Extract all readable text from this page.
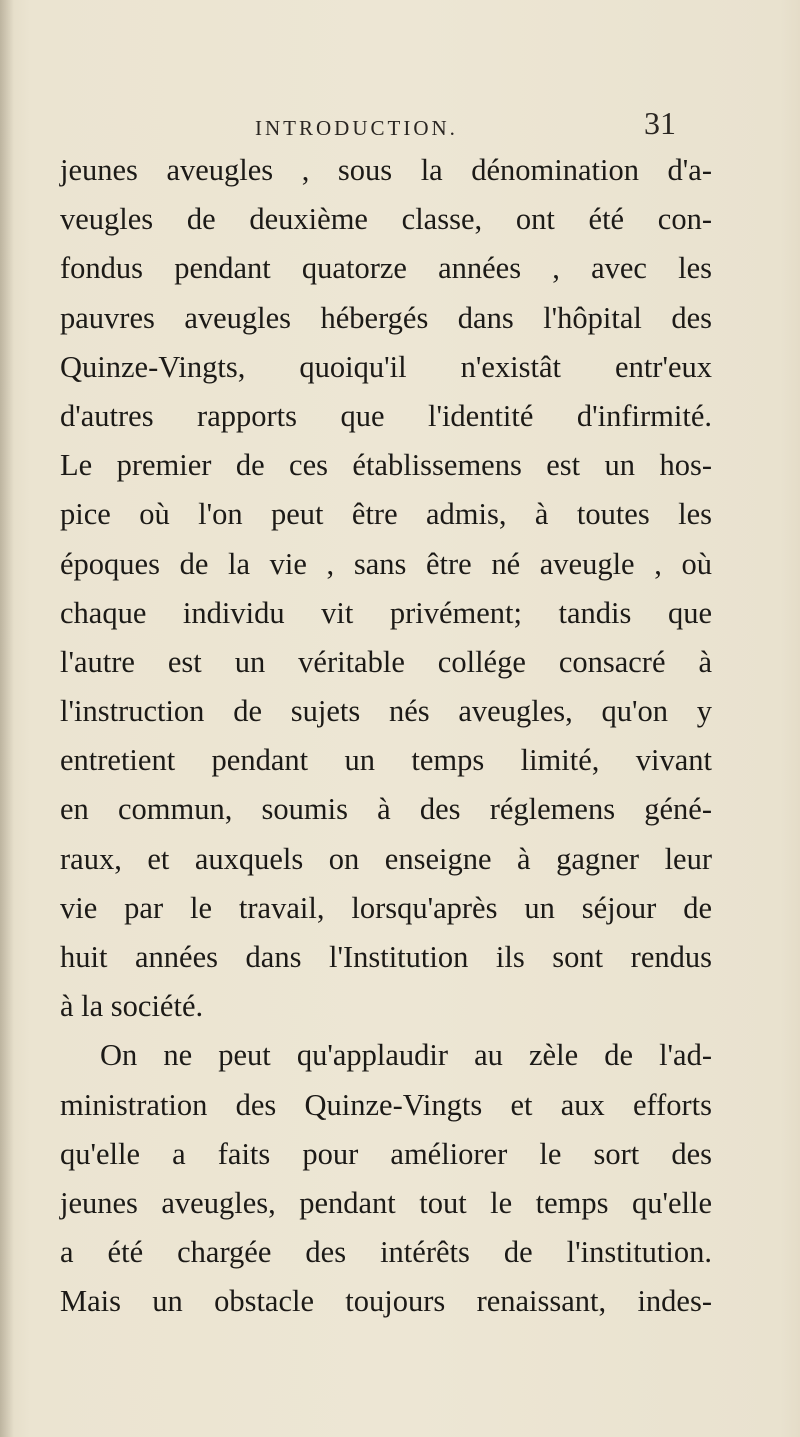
INTRODUCTION.	31
jeunes aveugles , sous la dénomination d'a-
veugles de deuxième classe, ont été con-
fondus pendant quatorze années , avec les
pauvres aveugles hébergés dans l'hôpital des
Quinze-Vingts, quoiqu'il n'existât entr'eux
d'autres rapports que l'identité d'infirmité.
Le premier de ces établissemens est un hos-
pice où l'on peut être admis, à toutes les
époques de la vie , sans être né aveugle , où
chaque individu vit privément; tandis que
l'autre est un véritable collége consacré à
l'instruction de sujets nés aveugles, qu'on y
entretient pendant un temps limité, vivant
en commun, soumis à des réglemens géné-
raux, et auxquels on enseigne à gagner leur
vie par le travail, lorsqu'après un séjour de
huit années dans l'Institution ils sont rendus
à la société.
On ne peut qu'applaudir au zèle de l'ad-
ministration des Quinze-Vingts et aux efforts
qu'elle a faits pour améliorer le sort des
jeunes aveugles, pendant tout le temps qu'elle
a été chargée des intérêts de l'institution.
Mais un obstacle toujours renaissant, indes-
